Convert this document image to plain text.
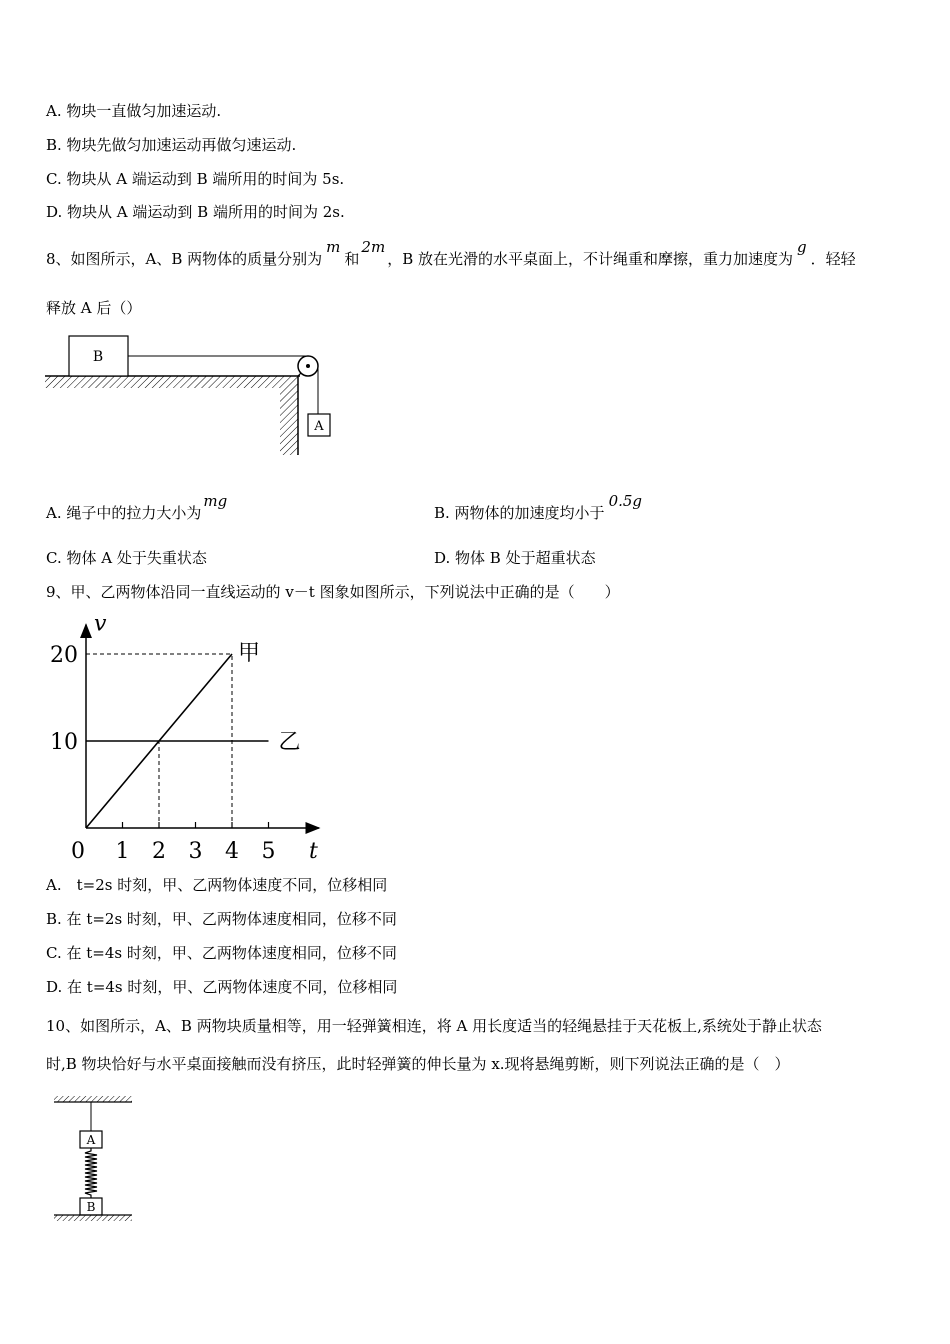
A. 物块一直做匀加速运动.
B. 物块先做匀加速运动再做匀速运动.
C. 物块从 A 端运动到 B 端所用的时间为 5s.
D. 物块从 A 端运动到 B 端所用的时间为 2s.
8、如图所示，A、B 两物体的质量分别为m和2m，B 放在光滑的水平桌面上，不计绳重和摩擦，重力加速度为g．轻轻
释放 A 后（）
B
A
A. 绳子中的拉力大小为mg
B. 两物体的加速度均小于0.5g
C. 物体 A 处于失重状态	D. 物体 B 处于超重状态
9、甲、乙两物体沿同一直线运动的 v－t 图象如图所示，下列说法中正确的是（　　）
0 1 2 3 4 5
10
20	甲
乙
t
v
A.　t=2s 时刻，甲、乙两物体速度不同，位移相同
B. 在 t=2s 时刻，甲、乙两物体速度相同，位移不同
C. 在 t=4s 时刻，甲、乙两物体速度相同，位移不同
D. 在 t=4s 时刻，甲、乙两物体速度不同，位移相同
10、如图所示，A、B 两物块质量相等，用一轻弹簧相连，将 A 用长度适当的轻绳悬挂于天花板上,系统处于静止状态
时,B 物块恰好与水平桌面接触而没有挤压，此时轻弹簧的伸长量为 x.现将悬绳剪断，则下列说法正确的是（　）
A
B
